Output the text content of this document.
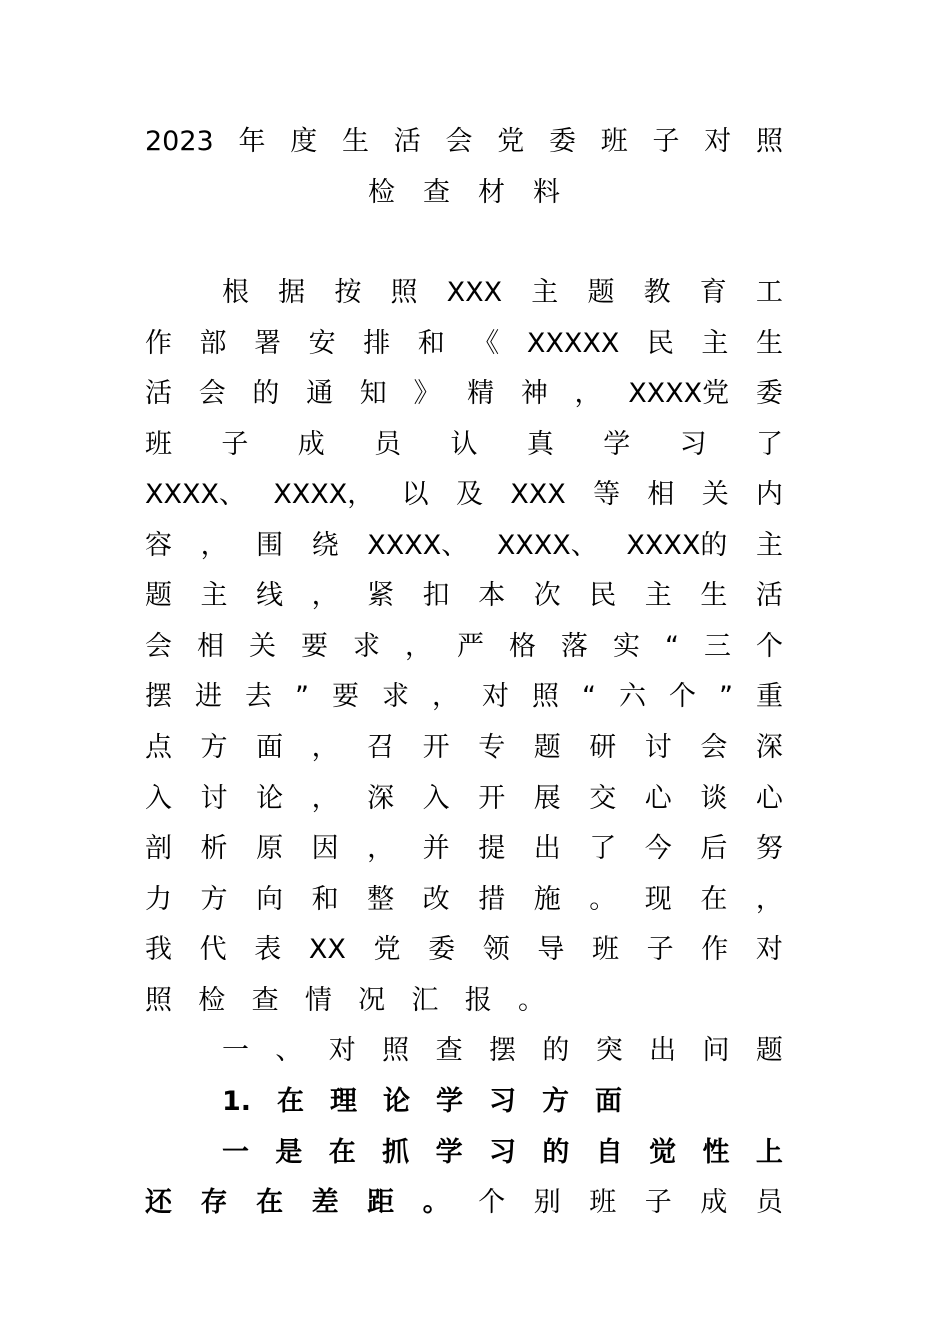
2023 年 度 生 活 会 党 委 班 子 对 照
检 查 材 料
根 据 按 照 XXX 主 题 教 育 工
作 部 署 安 排 和 《 XXXXX 民 主 生
活 会 的 通 知 》 精 神 ， XXXX党 委
班 子 成 员 认 真 学 习 了
XXXX、 XXXX， 以 及 XXX 等 相 关 内
容 ， 围 绕 XXXX、 XXXX、 XXXX的 主
题 主 线 ， 紧 扣 本 次 民 主 生 活
会 相 关 要 求 ， 严 格 落 实 “ 三 个
摆 进 去 ” 要 求 ， 对 照 “ 六 个 ” 重
点 方 面 ， 召 开 专 题 研 讨 会 深
入 讨 论 ， 深 入 开 展 交 心 谈 心
剖 析 原 因 ， 并 提 出 了 今 后 努
力 方 向 和 整 改 措 施 。 现 在 ，
我 代 表 XX 党 委 领 导 班 子 作 对
照 检 查 情 况 汇 报 。
一 、 对 照 查 摆 的 突 出 问 题
1. 在 理 论 学 习 方 面
一 是 在 抓 学 习 的 自 觉 性 上
还 存 在 差 距 。 个 别 班 子 成 员
